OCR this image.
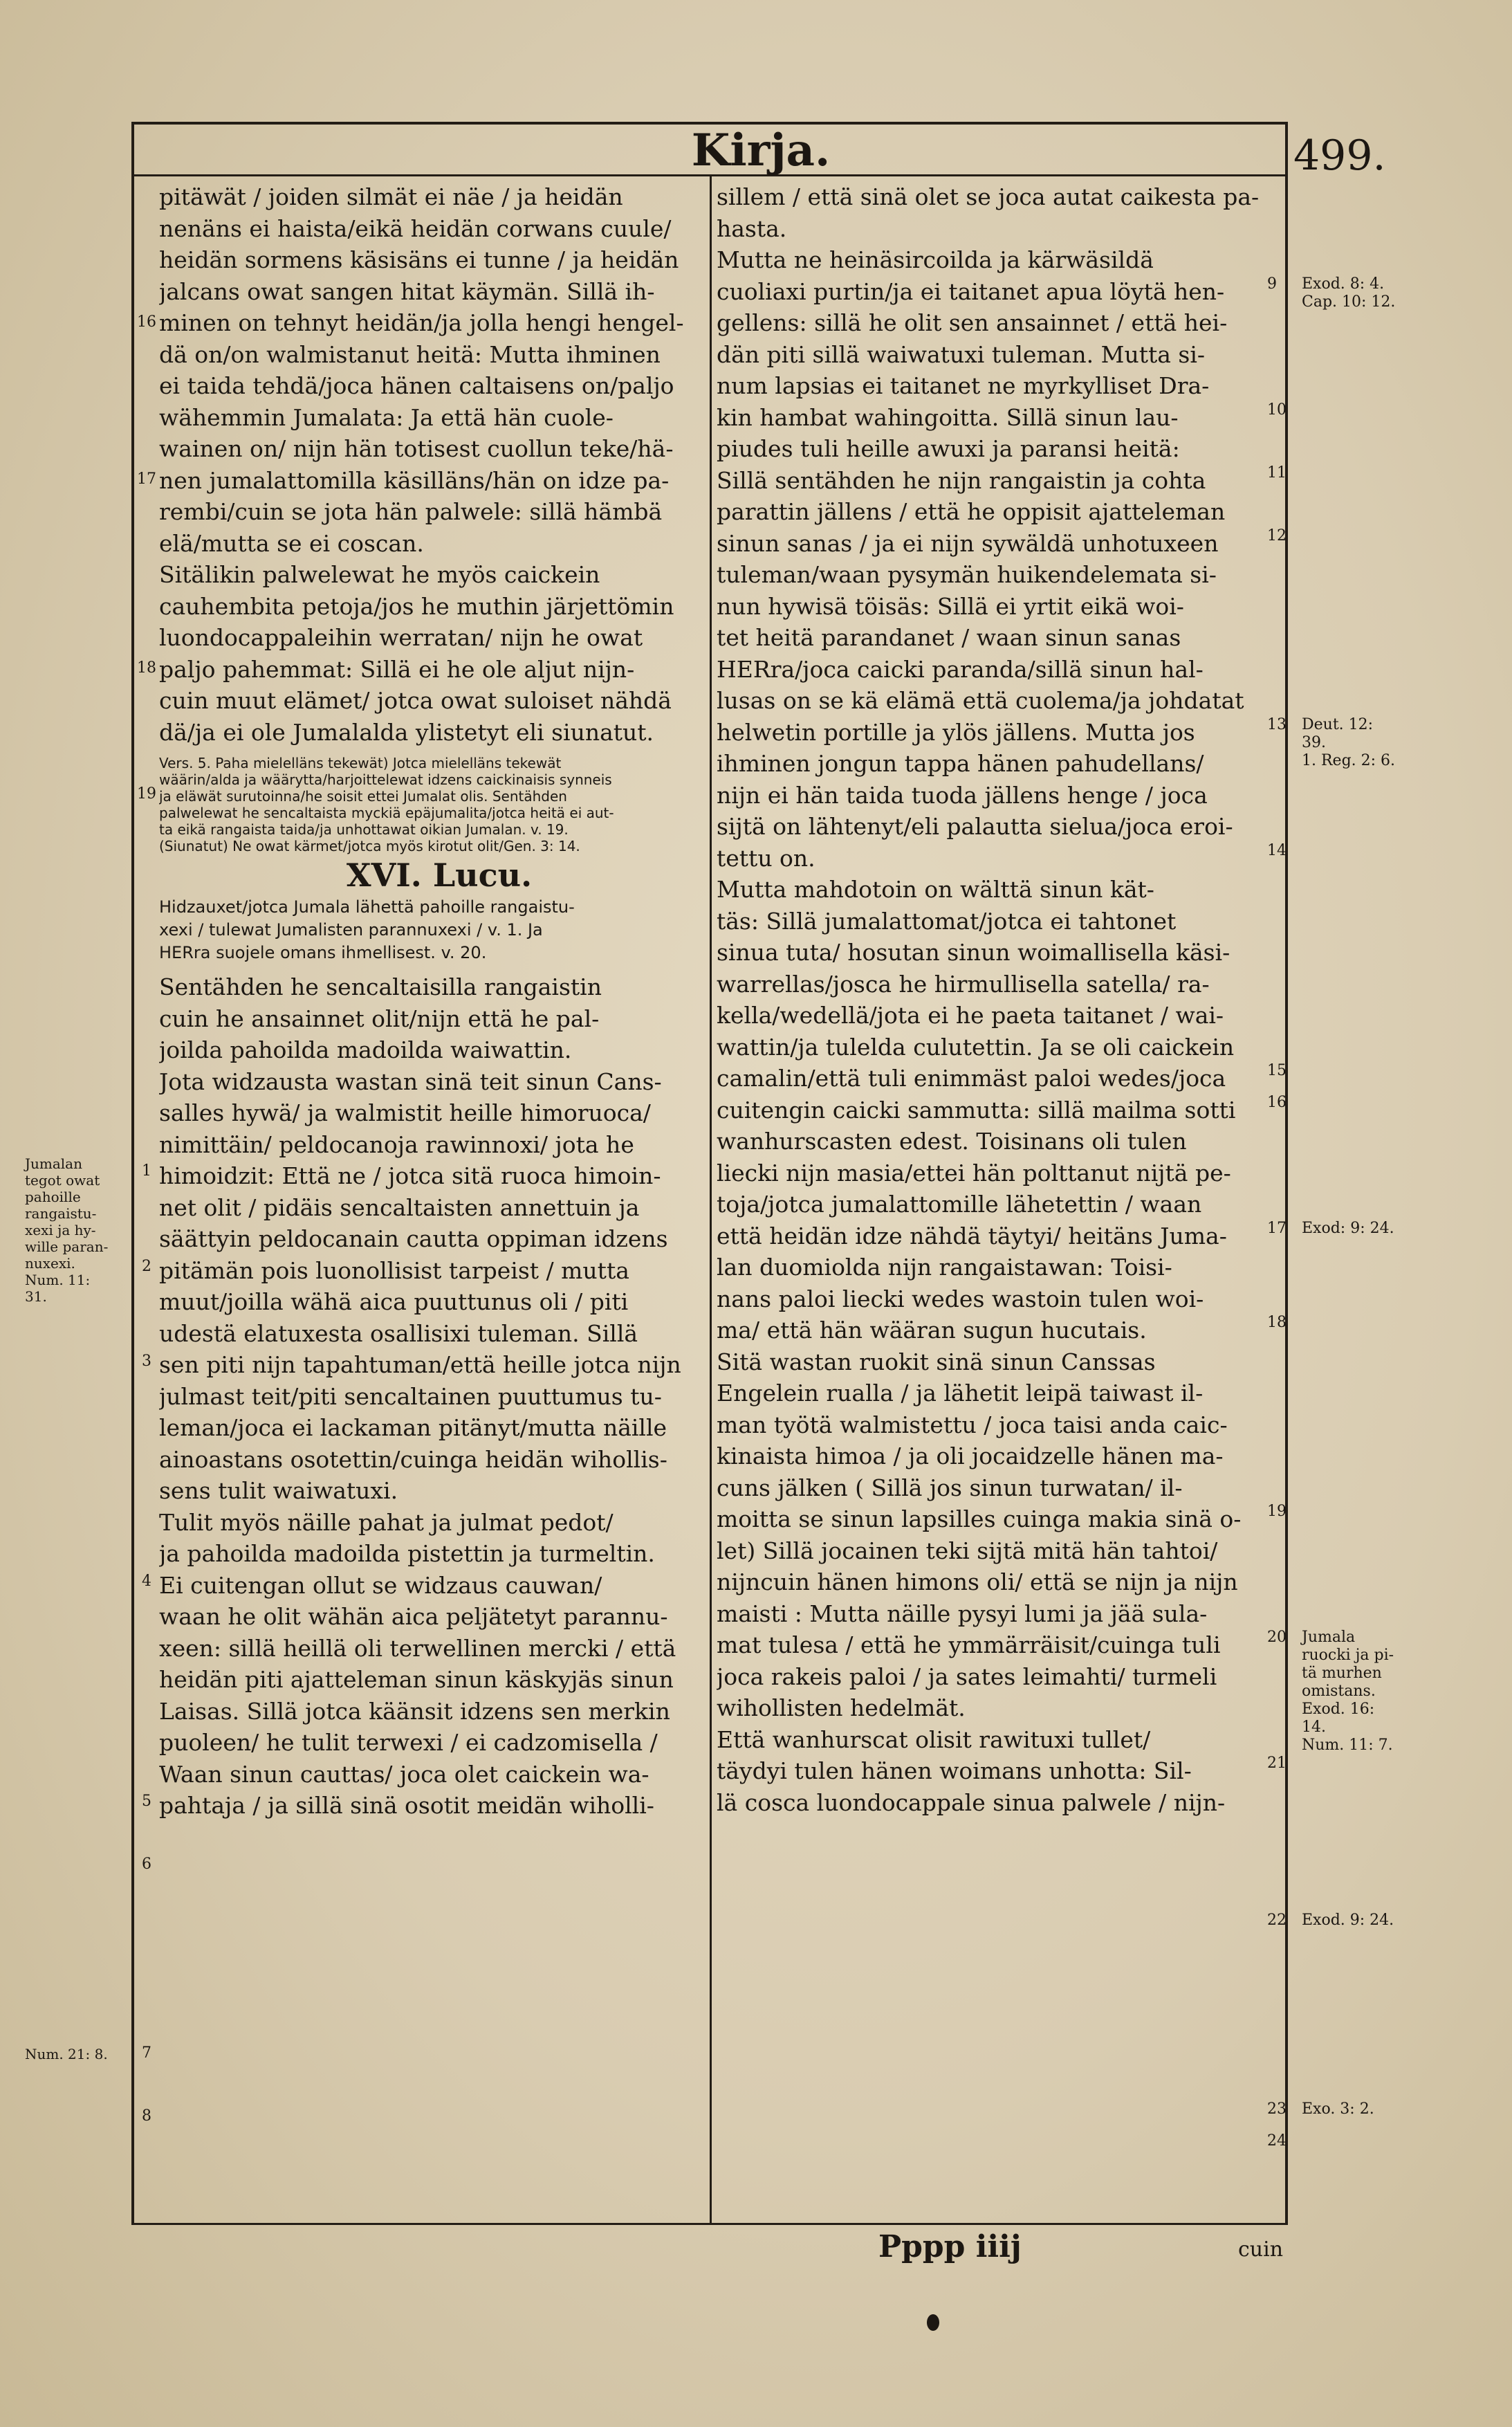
Kirja.	499.
pitäwät / joiden silmät ei näe / ja heidän
nenäns ei haista/eikä heidän corwans cuule/
heidän sormens käsisäns ei tunne / ja heidän
jalcans owat sangen hitat käymän. Sillä ih-
minen on tehnyt heidän/ja jolla hengi hengel-
dä on/on walmistanut heitä: Mutta ihminen
ei taida tehdä/joca hänen caltaisens on/paljo
wähemmin Jumalata: Ja että hän cuole-
wainen on/ nijn hän totisest cuollun teke/hä-
nen jumalattomilla käsilläns/hän on idze pa-
rembi/cuin se jota hän palwele: sillä hämbä
elä/mutta se ei coscan.
Sitälikin palwelewat he myös caickein
cauhembita petoja/jos he muthin järjettömin
luondocappaleihin werratan/ nijn he owat
paljo pahemmat: Sillä ei he ole aljut nijn-
cuin muut elämet/ jotca owat suloiset nähdä
dä/ja ei ole Jumalalda ylistetyt eli siunatut.
Vers. 5. Paha mielelläns tekewät) Jotca mielelläns tekewät
wäärin/alda ja wäärytta/harjoittelewat idzens caickinaisis synneis
ja eläwät surutoinna/he soisit ettei Jumalat olis. Sentähden
palwelewat he sencaltaista myckiä epäjumalita/jotca heitä ei aut-
ta eikä rangaista taida/ja unhottawat oikian Jumalan. v. 19.
(Siunatut) Ne owat kärmet/jotca myös kirotut olit/Gen. 3: 14.
XVI. Lucu.
Hidzauxet/jotca Jumala lähettä pahoille rangaistu-
xexi / tulewat Jumalisten parannuxexi / v. 1. Ja
HERra suojele omans ihmellisest. v. 20.
Sentähden he sencaltaisilla rangaistin
cuin he ansainnet olit/nijn että he pal-
joilda pahoilda madoilda waiwattin.
Jota widzausta wastan sinä teit sinun Cans-
salles hywä/ ja walmistit heille himoruoca/
nimittäin/ peldocanoja rawinnoxi/ jota he
himoidzit: Että ne / jotca sitä ruoca himoin-
net olit / pidäis sencaltaisten annettuin ja
säättyin peldocanain cautta oppiman idzens
pitämän pois luonollisist tarpeist / mutta
muut/joilla wähä aica puuttunus oli / piti
udestä elatuxesta osallisixi tuleman. Sillä
sen piti nijn tapahtuman/että heille jotca nijn
julmast teit/piti sencaltainen puuttumus tu-
leman/joca ei lackaman pitänyt/mutta näille
ainoastans osotettin/cuinga heidän wihollis-
sens tulit waiwatuxi.
Tulit myös näille pahat ja julmat pedot/
ja pahoilda madoilda pistettin ja turmeltin.
Ei cuitengan ollut se widzaus cauwan/
waan he olit wähän aica peljätetyt parannu-
xeen: sillä heillä oli terwellinen mercki / että
heidän piti ajatteleman sinun käskyjäs sinun
Laisas. Sillä jotca käänsit idzens sen merkin
puoleen/ he tulit terwexi / ei cadzomisella /
Waan sinun cauttas/ joca olet caickein wa-
pahtaja / ja sillä sinä osotit meidän wiholli-
sillem / että sinä olet se joca autat caikesta pa-
hasta.
Mutta ne heinäsircoilda ja kärwäsildä
cuoliaxi purtin/ja ei taitanet apua löytä hen-
gellens: sillä he olit sen ansainnet / että hei-
dän piti sillä waiwatuxi tuleman. Mutta si-
num lapsias ei taitanet ne myrkylliset Dra-
kin hambat wahingoitta. Sillä sinun lau-
piudes tuli heille awuxi ja paransi heitä:
Sillä sentähden he nijn rangaistin ja cohta
parattin jällens / että he oppisit ajatteleman
sinun sanas / ja ei nijn sywäldä unhotuxeen
tuleman/waan pysymän huikendelemata si-
nun hywisä töisäs: Sillä ei yrtit eikä woi-
tet heitä parandanet / waan sinun sanas
HERra/joca caicki paranda/sillä sinun hal-
lusas on se kä elämä että cuolema/ja johdatat
helwetin portille ja ylös jällens. Mutta jos
ihminen jongun tappa hänen pahudellans/
nijn ei hän taida tuoda jällens henge / joca
sijtä on lähtenyt/eli palautta sielua/joca eroi-
tettu on.
Mutta mahdotoin on wälttä sinun kät-
täs: Sillä jumalattomat/jotca ei tahtonet
sinua tuta/ hosutan sinun woimallisella käsi-
warrellas/josca he hirmullisella satella/ ra-
kella/wedellä/jota ei he paeta taitanet / wai-
wattin/ja tulelda culutettin. Ja se oli caickein
camalin/että tuli enimmäst paloi wedes/joca
cuitengin caicki sammutta: sillä mailma sotti
wanhurscasten edest. Toisinans oli tulen
liecki nijn masia/ettei hän polttanut nijtä pe-
toja/jotca jumalattomille lähetettin / waan
että heidän idze nähdä täytyi/ heitäns Juma-
lan duomiolda nijn rangaistawan: Toisi-
nans paloi liecki wedes wastoin tulen woi-
ma/ että hän wääran sugun hucutais.
Sitä wastan ruokit sinä sinun Canssas
Engelein rualla / ja lähetit leipä taiwast il-
man työtä walmistettu / joca taisi anda caic-
kinaista himoa / ja oli jocaidzelle hänen ma-
cuns jälken ( Sillä jos sinun turwatan/ il-
moitta se sinun lapsilles cuinga makia sinä o-
let) Sillä jocainen teki sijtä mitä hän tahtoi/
nijncuin hänen himons oli/ että se nijn ja nijn
maisti : Mutta näille pysyi lumi ja jää sula-
mat tulesa / että he ymmärräisit/cuinga tuli
joca rakeis paloi / ja sates leimahti/ turmeli
wihollisten hedelmät.
Että wanhurscat olisit rawituxi tullet/
täydyi tulen hänen woimans unhotta: Sil-
lä cosca luondocappale sinua palwele / nijn-
16
17
18
19
1
2
3
4
5
6
7
8
9
10
11
12
13
14
15
16
17
18
19
20
21
22
23
24
Jumalan
tegot owat
pahoille
rangaistu-
xexi ja hy-
wille paran-
nuxexi.
Num. 11:
31.
Num. 21: 8.
Exod. 8: 4.
Cap. 10: 12.
Deut. 12:
39.
1. Reg. 2: 6.
Exod: 9: 24.
Jumala
ruocki ja pi-
tä murhen
omistans.
Exod. 16:
14.
Num. 11: 7.
Exod. 9: 24.
Exo. 3: 2.
Pppp iiij	cuin
